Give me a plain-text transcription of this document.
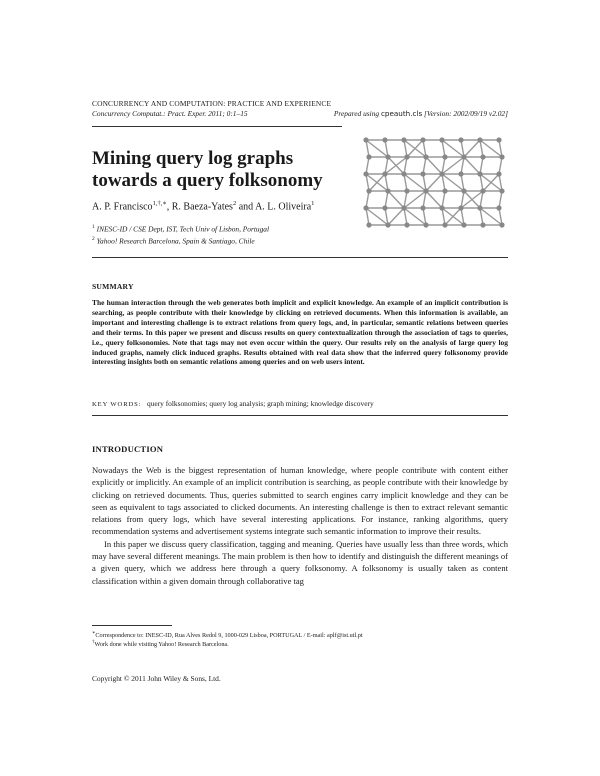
CONCURRENCY AND COMPUTATION: PRACTICE AND EXPERIENCE
Concurrency Computat.: Pract. Exper. 2011; 0:1–15	Prepared using cpeauth.cls [Version: 2002/09/19 v2.02]
Mining query log graphs towards a query folksonomy
A. P. Francisco$^{1,\dagger,∗}$, R. Baeza-Yates$^2$ and A. L. Oliveira$^1$
$^1$ INESC-ID / CSE Dept, IST, Tech Univ of Lisbon, Portugal
$^2$ Yahoo! Research Barcelona, Spain & Santiago, Chile
SUMMARY
The human interaction through the web generates both implicit and explicit knowledge. An example of an implicit contribution is searching, as people contribute with their knowledge by clicking on retrieved documents. When this information is available, an important and interesting challenge is to extract relations from query logs, and, in particular, semantic relations between queries and their terms. In this paper we present and discuss results on query contextualization through the association of tags to queries, i.e., query folksonomies. Note that tags may not even occur within the query. Our results rely on the analysis of large query log induced graphs, namely click induced graphs. Results obtained with real data show that the inferred query folksonomy provide interesting insights both on semantic relations among queries and on web users intent.
KEY WORDS: query folksonomies; query log analysis; graph mining; knowledge discovery
INTRODUCTION

Nowadays the Web is the biggest representation of human knowledge, where people contribute with content either explicitly or implicitly. An example of an implicit contribution is searching, as people contribute with their knowledge by clicking on retrieved documents. Thus, queries submitted to search engines carry implicit knowledge and they can be seen as equivalent to tags associated to clicked documents. An interesting challenge is then to extract relevant semantic relations from query logs, which have several interesting applications. For instance, ranking algorithms, query recommendation systems and advertisement systems integrate such semantic information to improve their results.

In this paper we discuss query classification, tagging and meaning. Queries have usually less than three words, which may have several different meanings. The main problem is then how to identify and distinguish the different meanings of a given query, which we address here through a query folksonomy. A folksonomy is usually taken as content classification within a given domain through collaborative tag

∗Correspondence to: INESC-ID, Rua Alves Redol 9, 1000-029 Lisboa, PORTUGAL / E-mail: aplf@ist.utl.pt
†Work done while visiting Yahoo! Research Barcelona.
Copyright © 2011 John Wiley & Sons, Ltd.
